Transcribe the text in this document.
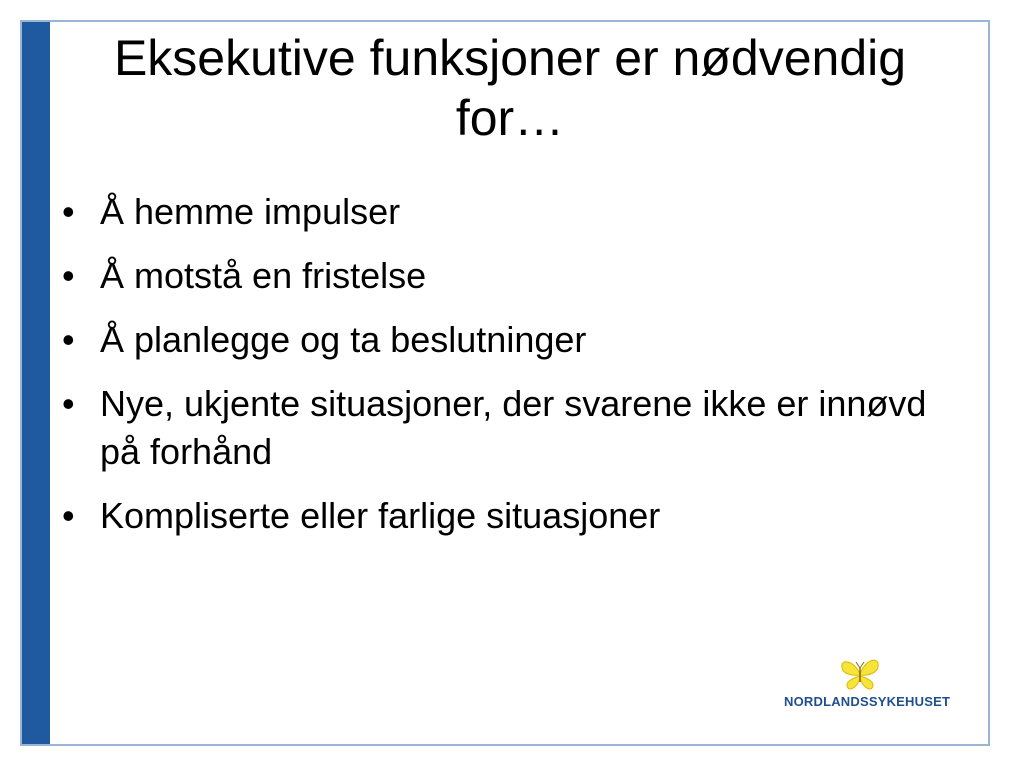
Eksekutive funksjoner er nødvendig for…
• Å hemme impulser
• Å motstå en fristelse
• Å planlegge og ta beslutninger
• Nye, ukjente situasjoner, der svarene ikke er innøvd på forhånd
• Kompliserte eller farlige situasjoner
NORDLANDSSYKEHUSET
